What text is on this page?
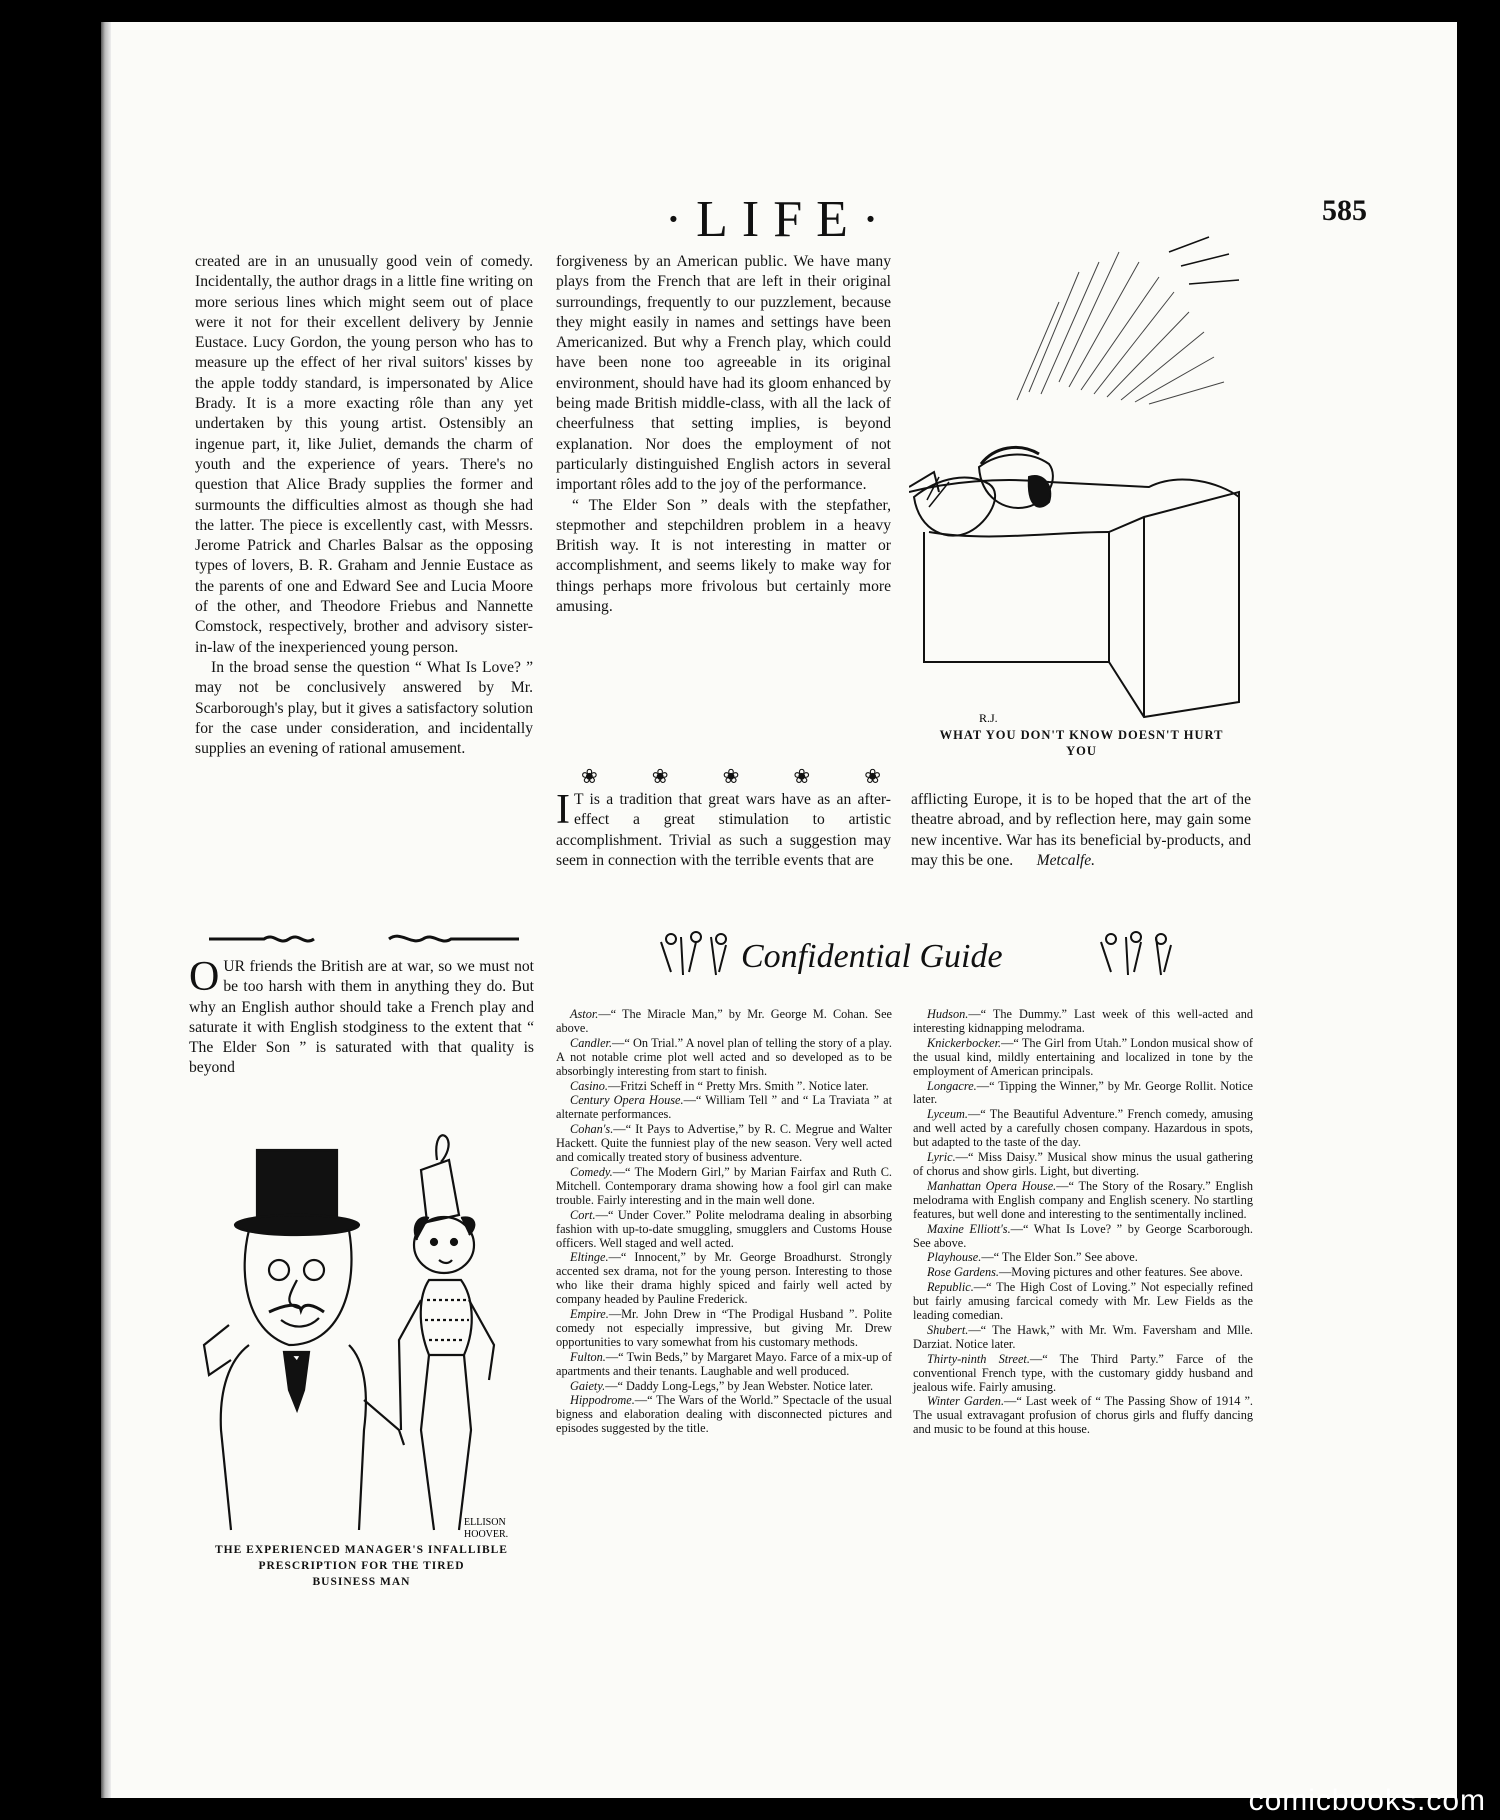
·LIFE·	585

created are in an unusually good vein of comedy. Incidentally, the author drags in a little fine writing on more serious lines which might seem out of place were it not for their excellent delivery by Jennie Eustace. Lucy Gordon, the young person who has to measure up the effect of her rival suitors' kisses by the apple toddy standard, is impersonated by Alice Brady. It is a more exacting rôle than any yet undertaken by this young artist. Ostensibly an ingenue part, it, like Juliet, demands the charm of youth and the experience of years. There's no question that Alice Brady supplies the former and surmounts the difficulties almost as though she had the latter. The piece is excellently cast, with Messrs. Jerome Patrick and Charles Balsar as the opposing types of lovers, B. R. Graham and Jennie Eustace as the parents of one and Edward See and Lucia Moore of the other, and Theodore Friebus and Nannette Comstock, respectively, brother and advisory sister-in-law of the inexperienced young person.

In the broad sense the question “ What Is Love? ” may not be conclusively answered by Mr. Scarborough's play, but it gives a satisfactory solution for the case under consideration, and incidentally supplies an evening of rational amusement.

forgiveness by an American public. We have many plays from the French that are left in their original surroundings, frequently to our puzzlement, because they might easily in names and settings have been Americanized. But why a French play, which could have been none too agreeable in its original environment, should have had its gloom enhanced by being made British middle-class, with all the lack of cheerfulness that setting implies, is beyond explanation. Nor does the employment of not particularly distinguished English actors in several important rôles add to the joy of the performance.

“ The Elder Son ” deals with the stepfather, stepmother and stepchildren problem in a heavy British way. It is not interesting in matter or accomplishment, and seems likely to make way for things perhaps more frivolous but certainly more amusing.

❀	❀	❀	❀	❀

I T is a tradition that great wars have as an after-effect a great stimulation to artistic accomplishment. Trivial as such a suggestion may seem in connection with the terrible events that are

afflicting Europe, it is to be hoped that the art of the theatre abroad, and by reflection here, may gain some new incentive. War has its beneficial by-products, and may this be one. Metcalfe.

R.J.
WHAT YOU DON'T KNOW DOESN'T HURT
YOU

OUR friends the British are at war, so we must not be too harsh with them in anything they do. But why an English author should take a French play and saturate it with English stodginess to the extent that “ The Elder Son ” is saturated with that quality is beyond

ELLISON
HOOVER.
THE EXPERIENCED MANAGER'S INFALLIBLE
PRESCRIPTION FOR THE TIRED
BUSINESS MAN
Confidential Guide

Astor.—“ The Miracle Man,” by Mr. George M. Cohan. See above.

Candler.—“ On Trial.” A novel plan of telling the story of a play. A not notable crime plot well acted and so developed as to be absorbingly interesting from start to finish.

Casino.—Fritzi Scheff in “ Pretty Mrs. Smith ”. Notice later.

Century Opera House.—“ William Tell ” and “ La Traviata ” at alternate performances.

Cohan's.—“ It Pays to Advertise,” by R. C. Megrue and Walter Hackett. Quite the funniest play of the new season. Very well acted and comically treated story of business adventure.

Comedy.—“ The Modern Girl,” by Marian Fairfax and Ruth C. Mitchell. Contemporary drama showing how a fool girl can make trouble. Fairly interesting and in the main well done.

Cort.—“ Under Cover.” Polite melodrama dealing in absorbing fashion with up-to-date smuggling, smugglers and Customs House officers. Well staged and well acted.

Eltinge.—“ Innocent,” by Mr. George Broadhurst. Strongly accented sex drama, not for the young person. Interesting to those who like their drama highly spiced and fairly well acted by company headed by Pauline Frederick.

Empire.—Mr. John Drew in “The Prodigal Husband ”. Polite comedy not especially impressive, but giving Mr. Drew opportunities to vary somewhat from his customary methods.

Fulton.—“ Twin Beds,” by Margaret Mayo. Farce of a mix-up of apartments and their tenants. Laughable and well produced.

Gaiety.—“ Daddy Long-Legs,” by Jean Webster. Notice later.

Hippodrome.—“ The Wars of the World.” Spectacle of the usual bigness and elaboration dealing with disconnected pictures and episodes suggested by the title.

Hudson.—“ The Dummy.” Last week of this well-acted and interesting kidnapping melodrama.

Knickerbocker.—“ The Girl from Utah.” London musical show of the usual kind, mildly entertaining and localized in tone by the employment of American principals.

Longacre.—“ Tipping the Winner,” by Mr. George Rollit. Notice later.

Lyceum.—“ The Beautiful Adventure.” French comedy, amusing and well acted by a carefully chosen company. Hazardous in spots, but adapted to the taste of the day.

Lyric.—“ Miss Daisy.” Musical show minus the usual gathering of chorus and show girls. Light, but diverting.

Manhattan Opera House.—“ The Story of the Rosary.” English melodrama with English company and English scenery. No startling features, but well done and interesting to the sentimentally inclined.

Maxine Elliott's.—“ What Is Love? ” by George Scarborough. See above.

Playhouse.—“ The Elder Son.” See above.

Rose Gardens.—Moving pictures and other features. See above.

Republic.—“ The High Cost of Loving.” Not especially refined but fairly amusing farcical comedy with Mr. Lew Fields as the leading comedian.

Shubert.—“ The Hawk,” with Mr. Wm. Faversham and Mlle. Darziat. Notice later.

Thirty-ninth Street.—“ The Third Party.” Farce of the conventional French type, with the customary giddy husband and jealous wife. Fairly amusing.

Winter Garden.—“ Last week of “ The Passing Show of 1914 ”. The usual extravagant profusion of chorus girls and fluffy dancing and music to be found at this house.

comicbooks.com
